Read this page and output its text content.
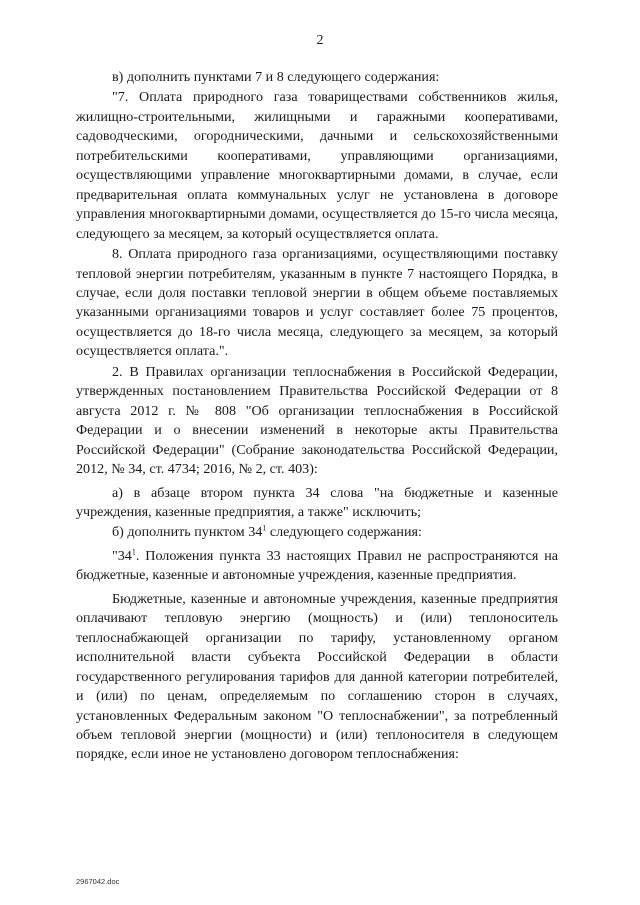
2

в) дополнить пунктами 7 и 8 следующего содержания:

"7. Оплата природного газа товариществами собственников жилья, жилищно-строительными, жилищными и гаражными кооперативами, садоводческими, огородническими, дачными и сельскохозяйственными потребительскими кооперативами, управляющими организациями, осуществляющими управление многоквартирными домами, в случае, если предварительная оплата коммунальных услуг не установлена в договоре управления многоквартирными домами, осуществляется до 15-го числа месяца, следующего за месяцем, за который осуществляется оплата.

8. Оплата природного газа организациями, осуществляющими поставку тепловой энергии потребителям, указанным в пункте 7 настоящего Порядка, в случае, если доля поставки тепловой энергии в общем объеме поставляемых указанными организациями товаров и услуг составляет более 75 процентов, осуществляется до 18-го числа месяца, следующего за месяцем, за который осуществляется оплата.".

2. В Правилах организации теплоснабжения в Российской Федерации, утвержденных постановлением Правительства Российской Федерации от 8 августа 2012 г. № 808 "Об организации теплоснабжения в Российской Федерации и о внесении изменений в некоторые акты Правительства Российской Федерации" (Собрание законодательства Российской Федерации, 2012, № 34, ст. 4734; 2016, № 2, ст. 403):

а) в абзаце втором пункта 34 слова "на бюджетные и казенные учреждения, казенные предприятия, а также" исключить;

б) дополнить пунктом $34^1$ следующего содержания:

"$34^1$. Положения пункта 33 настоящих Правил не распространяются на бюджетные, казенные и автономные учреждения, казенные предприятия.

Бюджетные, казенные и автономные учреждения, казенные предприятия оплачивают тепловую энергию (мощность) и (или) теплоноситель теплоснабжающей организации по тарифу, установленному органом исполнительной власти субъекта Российской Федерации в области государственного регулирования тарифов для данной категории потребителей, и (или) по ценам, определяемым по соглашению сторон в случаях, установленных Федеральным законом "О теплоснабжении", за потребленный объем тепловой энергии (мощности) и (или) теплоносителя в следующем порядке, если иное не установлено договором теплоснабжения:

2967042.doc
